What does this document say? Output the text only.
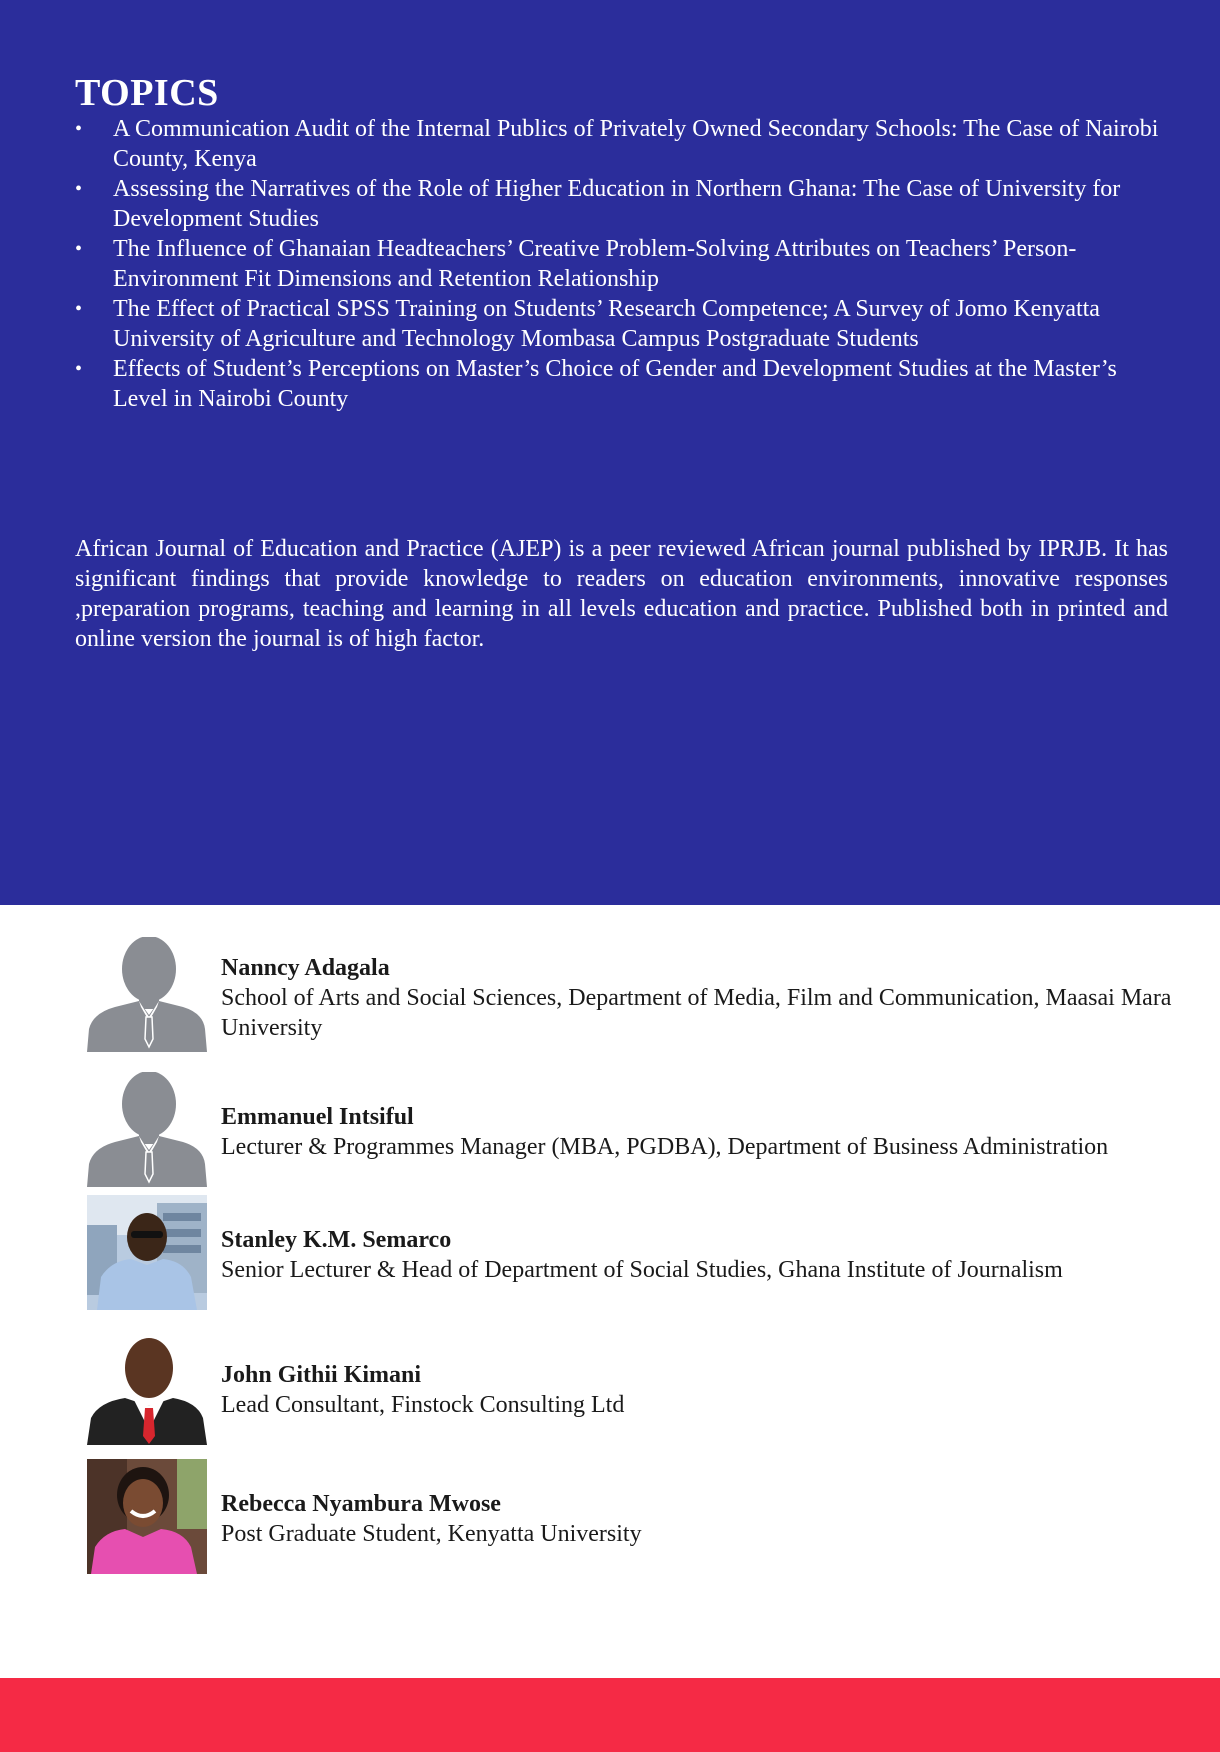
TOPICS
•	A Communication Audit of the Internal Publics of Privately Owned Secondary Schools: The Case of Nairobi County, Kenya
•	Assessing the Narratives of the Role of Higher Education in Northern Ghana: The Case of University for Development Studies
•	The Influence of Ghanaian Headteachers’ Creative Problem-Solving Attributes on Teachers’ Person-Environment Fit Dimensions and Retention Relationship
•	The Effect of Practical SPSS Training on Students’ Research Competence; A Survey of Jomo Kenyatta University of Agriculture and Technology Mombasa Campus Postgraduate Students
•	Effects of Student’s Perceptions on Master’s Choice of Gender and Development Studies at the Master’s Level in Nairobi County

African Journal of Education and Practice (AJEP) is a peer reviewed African journal published by IPRJB. It has significant findings that provide knowledge to readers on education environments, innovative responses ,preparation programs, teaching and learning in all levels education and practice. Published both in printed and online version the journal is of high factor.

Nanncy Adagala
School of Arts and Social Sciences, Department of Media, Film and Communication, Maasai Mara University
Emmanuel Intsiful
Lecturer & Programmes Manager (MBA, PGDBA), Department of Business Administration
Stanley K.M. Semarco
Senior Lecturer & Head of Department of Social Studies, Ghana Institute of Journalism
John Githii Kimani
Lead Consultant, Finstock Consulting Ltd
Rebecca Nyambura Mwose
Post Graduate Student, Kenyatta University
